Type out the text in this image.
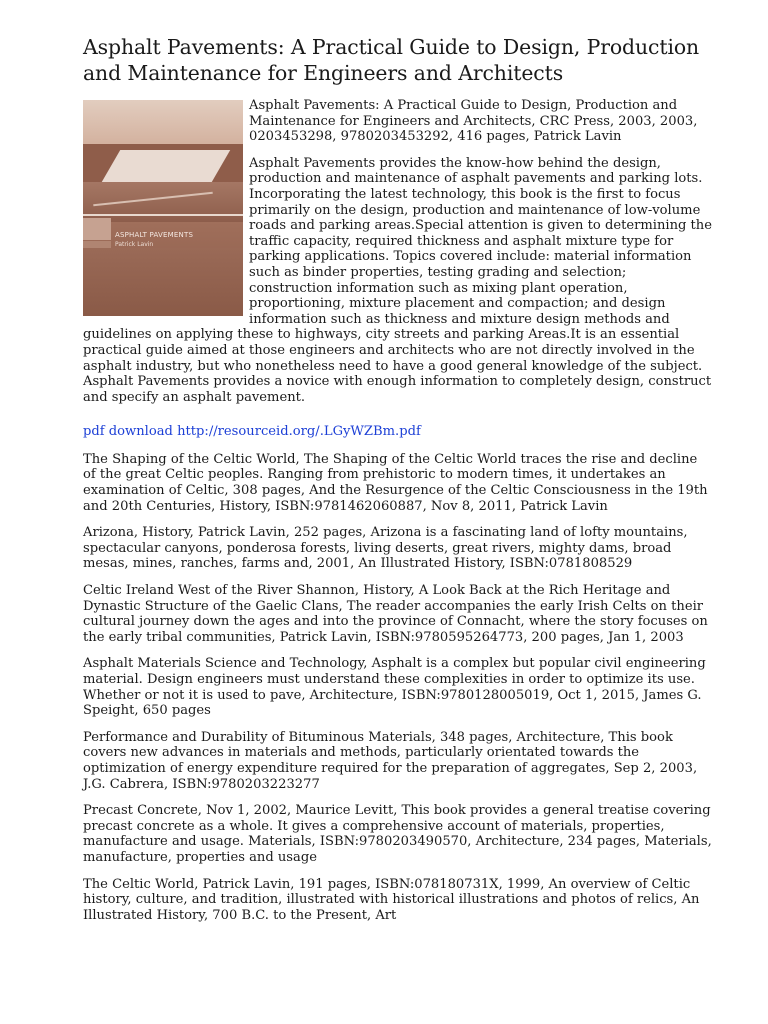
Asphalt Pavements: A Practical Guide to Design, Production and Maintenance for Engineers and Architects
ASPHALT PAVEMENTS
Patrick Lavin

Asphalt Pavements: A Practical Guide to Design, Production and Maintenance for Engineers and Architects, CRC Press, 2003, 2003, 0203453298, 9780203453292, 416 pages, Patrick Lavin

Asphalt Pavements provides the know-how behind the design, production and maintenance of asphalt pavements and parking lots. Incorporating the latest technology, this book is the first to focus primarily on the design, production and maintenance of low-volume roads and parking areas.Special attention is given to determining the traffic capacity, required thickness and asphalt mixture type for parking applications. Topics covered include: material information such as binder properties, testing grading and selection; construction information such as mixing plant operation, proportioning, mixture placement and compaction; and design information such as thickness and mixture design methods and guidelines on applying these to highways, city streets and parking Areas.It is an essential practical guide aimed at those engineers and architects who are not directly involved in the asphalt industry, but who nonetheless need to have a good general knowledge of the subject. Asphalt Pavements provides a novice with enough information to completely design, construct and specify an asphalt pavement.

pdf download http://resourceid.org/.LGyWZBm.pdf

The Shaping of the Celtic World, The Shaping of the Celtic World traces the rise and decline of the great Celtic peoples. Ranging from prehistoric to modern times, it undertakes an examination of Celtic, 308 pages, And the Resurgence of the Celtic Consciousness in the 19th and 20th Centuries, History, ISBN:9781462060887, Nov 8, 2011, Patrick Lavin

Arizona, History, Patrick Lavin, 252 pages, Arizona is a fascinating land of lofty mountains, spectacular canyons, ponderosa forests, living deserts, great rivers, mighty dams, broad mesas, mines, ranches, farms and, 2001, An Illustrated History, ISBN:0781808529

Celtic Ireland West of the River Shannon, History, A Look Back at the Rich Heritage and Dynastic Structure of the Gaelic Clans, The reader accompanies the early Irish Celts on their cultural journey down the ages and into the province of Connacht, where the story focuses on the early tribal communities, Patrick Lavin, ISBN:9780595264773, 200 pages, Jan 1, 2003

Asphalt Materials Science and Technology, Asphalt is a complex but popular civil engineering material. Design engineers must understand these complexities in order to optimize its use. Whether or not it is used to pave, Architecture, ISBN:9780128005019, Oct 1, 2015, James G. Speight, 650 pages

Performance and Durability of Bituminous Materials, 348 pages, Architecture, This book covers new advances in materials and methods, particularly orientated towards the optimization of energy expenditure required for the preparation of aggregates, Sep 2, 2003, J.G. Cabrera, ISBN:9780203223277

Precast Concrete, Nov 1, 2002, Maurice Levitt, This book provides a general treatise covering precast concrete as a whole. It gives a comprehensive account of materials, properties, manufacture and usage. Materials, ISBN:9780203490570, Architecture, 234 pages, Materials, manufacture, properties and usage

The Celtic World, Patrick Lavin, 191 pages, ISBN:078180731X, 1999, An overview of Celtic history, culture, and tradition, illustrated with historical illustrations and photos of relics, An Illustrated History, 700 B.C. to the Present, Art
